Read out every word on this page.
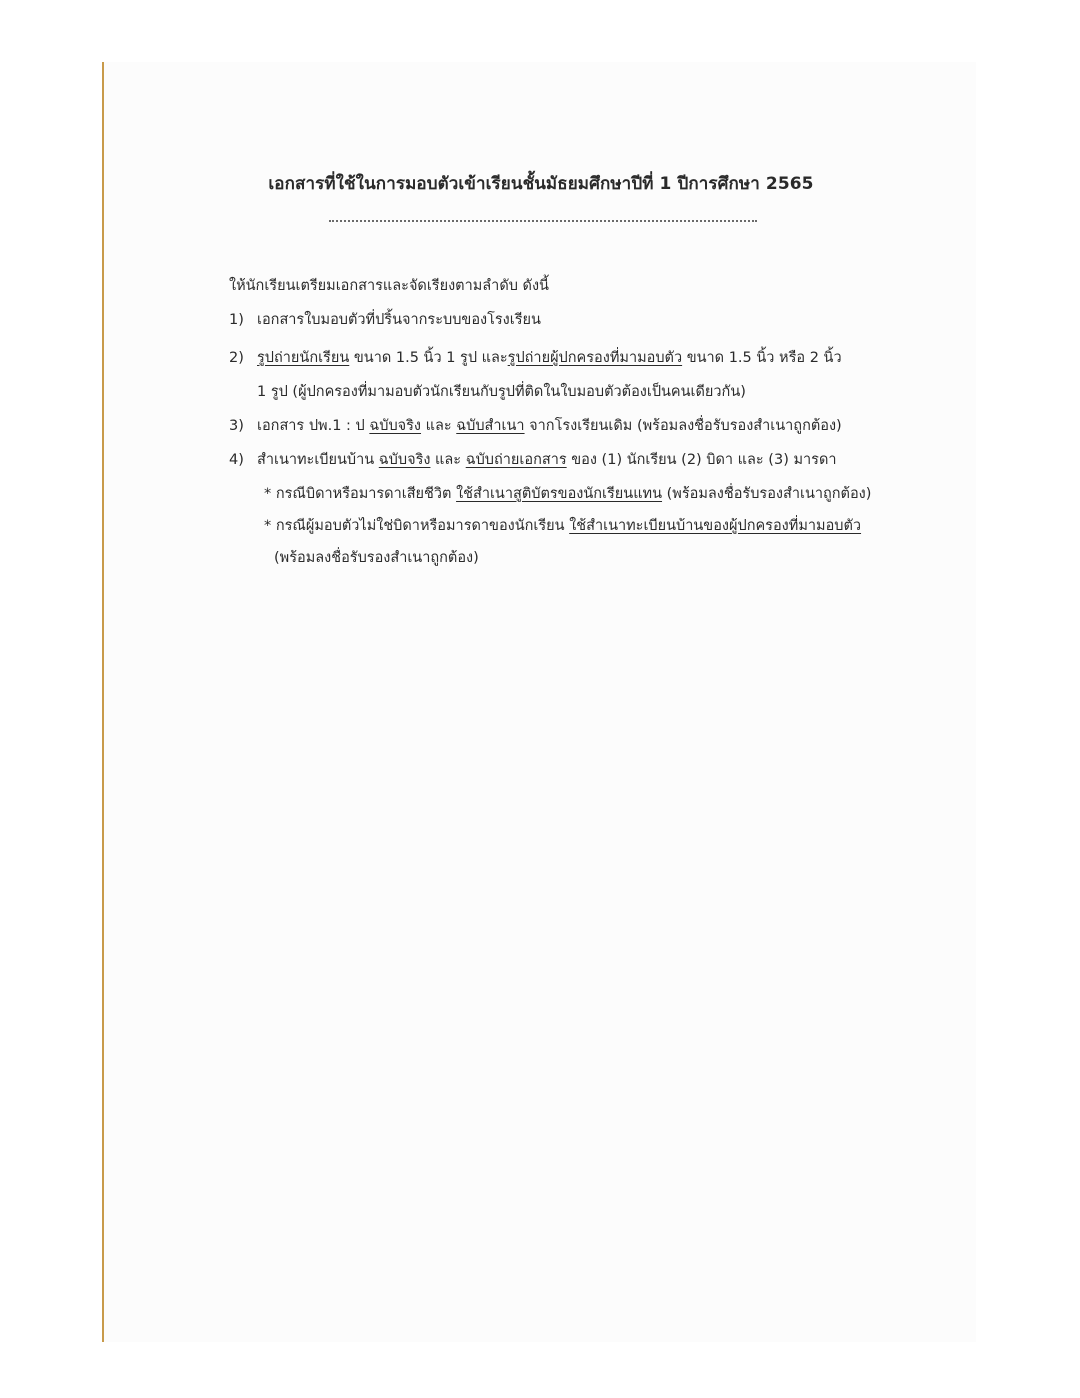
เอกสารที่ใช้ในการมอบตัวเข้าเรียนชั้นมัธยมศึกษาปีที่ 1 ปีการศึกษา 2565
ให้นักเรียนเตรียมเอกสารและจัดเรียงตามลำดับ ดังนี้
1) เอกสารใบมอบตัวที่ปริ้นจากระบบของโรงเรียน
2) รูปถ่ายนักเรียน ขนาด 1.5 นิ้ว 1 รูป และรูปถ่ายผู้ปกครองที่มามอบตัว ขนาด 1.5 นิ้ว หรือ 2 นิ้ว
1 รูป (ผู้ปกครองที่มามอบตัวนักเรียนกับรูปที่ติดในใบมอบตัวต้องเป็นคนเดียวกัน)
3) เอกสาร ปพ.1 : ป ฉบับจริง และ ฉบับสำเนา จากโรงเรียนเดิม (พร้อมลงชื่อรับรองสำเนาถูกต้อง)
4) สำเนาทะเบียนบ้าน ฉบับจริง และ ฉบับถ่ายเอกสาร ของ (1) นักเรียน (2) บิดา และ (3) มารดา
* กรณีบิดาหรือมารดาเสียชีวิต ใช้สำเนาสูติบัตรของนักเรียนแทน (พร้อมลงชื่อรับรองสำเนาถูกต้อง)
* กรณีผู้มอบตัวไม่ใช่บิดาหรือมารดาของนักเรียน ใช้สำเนาทะเบียนบ้านของผู้ปกครองที่มามอบตัว
(พร้อมลงชื่อรับรองสำเนาถูกต้อง)
